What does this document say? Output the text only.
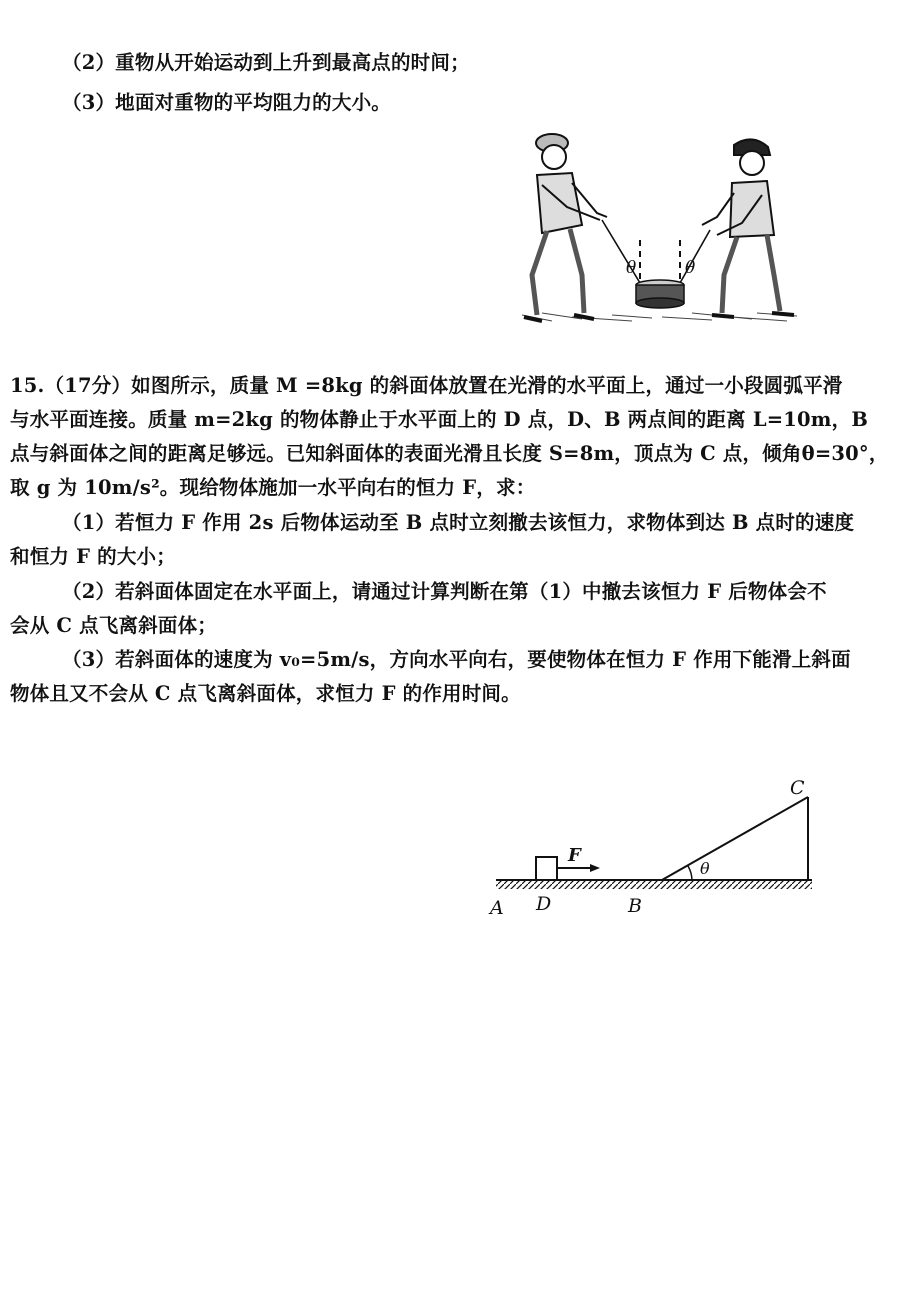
（2）重物从开始运动到上升到最高点的时间；
（3）地面对重物的平均阻力的大小。
θ	θ
15.（17分）如图所示，质量 M =8kg 的斜面体放置在光滑的水平面上，通过一小段圆弧平滑
与水平面连接。质量 m=2kg 的物体静止于水平面上的 D 点，D、B 两点间的距离 L=10m，B
点与斜面体之间的距离足够远。已知斜面体的表面光滑且长度 S=8m，顶点为 C 点，倾角θ=30°，
取 g 为 10m/s²。现给物体施加一水平向右的恒力 F，求：
（1）若恒力 F 作用 2s 后物体运动至 B 点时立刻撤去该恒力，求物体到达 B 点时的速度
和恒力 F 的大小；
（2）若斜面体固定在水平面上，请通过计算判断在第（1）中撤去该恒力 F 后物体会不
会从 C 点飞离斜面体；
（3）若斜面体的速度为 v₀=5m/s，方向水平向右，要使物体在恒力 F 作用下能滑上斜面
物体且又不会从 C 点飞离斜面体，求恒力 F 的作用时间。
F
θ
A D	B
C
